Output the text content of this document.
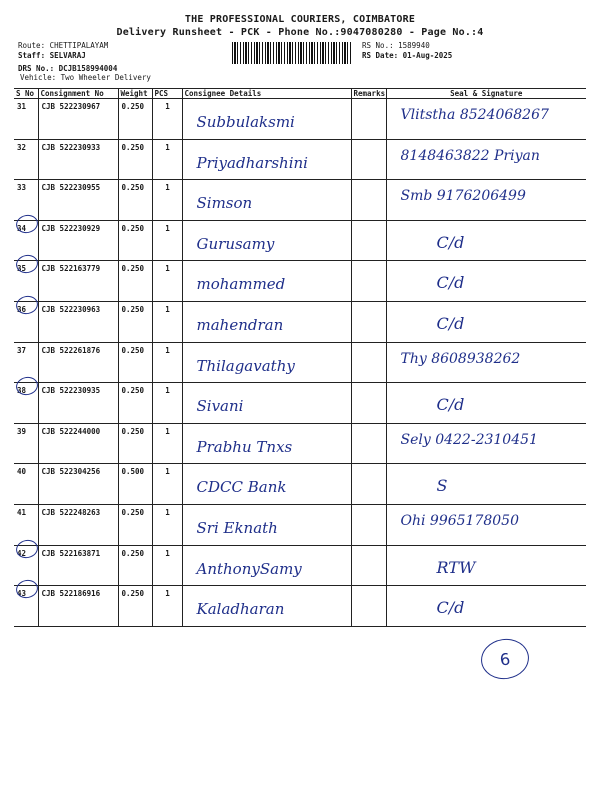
THE PROFESSIONAL COURIERS, COIMBATORE
Delivery Runsheet - PCK - Phone No.:9047080280 - Page No.:4
Route: CHETTIPALAYAM
Staff: SELVARAJ
DRS No.: DCJB158994004
Vehicle: Two Wheeler Delivery
RS No.: 1589940
RS Date: 01-Aug-2025
S No	Consignment No	Weight	PCS	Consignee Details	Remarks	Seal & Signature
31	CJB 522230967	0.250	1	Subbulaksmi		Vlitstha 8524068267

32	CJB 522230933	0.250	1	Priyadharshini		8148463822 Priyan

33	CJB 522230955	0.250	1	Simson		Smb 9176206499

34	CJB 522230929	0.250	1	Gurusamy		C/d

35	CJB 522163779	0.250	1	mohammed		C/d

36	CJB 522230963	0.250	1	mahendran		C/d

37	CJB 522261876	0.250	1	Thilagavathy		Thy 8608938262

38	CJB 522230935	0.250	1	Sivani		C/d

39	CJB 522244000	0.250	1	Prabhu Tnxs		Sely 0422-2310451

40	CJB 522304256	0.500	1	CDCC Bank		S

41	CJB 522248263	0.250	1	Sri Eknath		Ohi 9965178050

42	CJB 522163871	0.250	1	AnthonySamy		RTW

43	CJB 522186916	0.250	1	Kaladharan		C/d
6
